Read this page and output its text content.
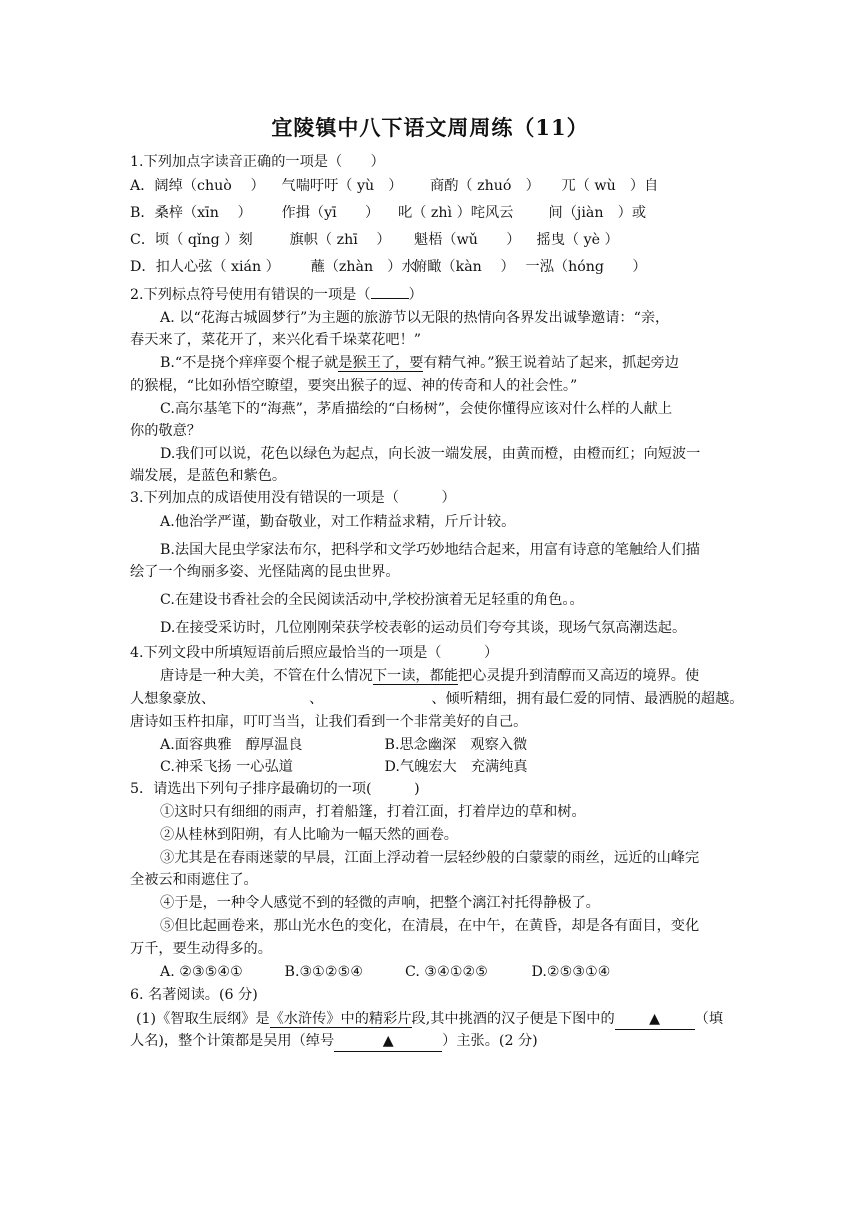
宜陵镇中八下语文周周练（11）
1.下列加点字读音正确的一项是（　　）
A．阔绰（chuò　 ） 气喘吁吁（ yù　） 商酌（ zhuó　） 兀（ wù　）自
B．桑梓（xīn　 ） 作揖（yī　　） 叱（ zhì ）咤风云 间（jiàn　）或
C．顷（ qǐng ）刻	旗帜（ zhī　 ） 魁梧（wǔ　　） 摇曳（ yè ）
D．扣人心弦（ xián ） 蘸（zhàn　）水 俯瞰（kàn　 ） 一泓（hóng　　）
2.下列标点符号使用有错误的一项是（	）
A. 以“花海古城圆梦行”为主题的旅游节以无限的热情向各界发出诚挚邀请：“亲，
春天来了，菜花开了，来兴化看千垛菜花吧！”
B.“不是挠个痒痒耍个棍子就是猴王了，要有精气神。”猴王说着站了起来，抓起旁边
的猴棍，“比如孙悟空瞭望，要突出猴子的逗、神的传奇和人的社会性。”
C.高尔基笔下的“海燕”，茅盾描绘的“白杨树”，会使你懂得应该对什么样的人献上
你的敬意？
D.我们可以说，花色以绿色为起点，向长波一端发展，由黄而橙，由橙而红；向短波一
端发展，是蓝色和紫色。
3.下列加点的成语使用没有错误的一项是（　　　）
A.他治学严谨，勤奋敬业，对工作精益求精，斤斤计较。
B.法国大昆虫学家法布尔，把科学和文学巧妙地结合起来，用富有诗意的笔触给人们描
绘了一个绚丽多姿、光怪陆离的昆虫世界。
C.在建设书香社会的全民阅读活动中,学校扮演着无足轻重的角色。。
D.在接受采访时，几位刚刚荣获学校表彰的运动员们夸夸其谈，现场气氛高潮迭起。
4.下列文段中所填短语前后照应最恰当的一项是（　　　）
唐诗是一种大美，不管在什么情况下一读，都能把心灵提升到清醇而又高迈的境界。使
人想象豪放、	、	、倾听精细，拥有最仁爱的同情、最洒脱的超越。
唐诗如玉杵扣扉，叮叮当当，让我们看到一个非常美好的自己。
A.面容典雅　醇厚温良	B.思念幽深　观察入微
C.神采飞扬 一心弘道	D.气魄宏大　充满纯真
5．请选出下列句子排序最确切的一项(　　　)
①这时只有细细的雨声，打着船篷，打着江面，打着岸边的草和树。
②从桂林到阳朔，有人比喻为一幅天然的画卷。
③尤其是在春雨迷蒙的早晨，江面上浮动着一层轻纱般的白蒙蒙的雨丝，远近的山峰完
全被云和雨遮住了。
④于是，一种令人感觉不到的轻微的声响，把整个漓江衬托得静极了。
⑤但比起画卷来，那山光水色的变化，在清晨，在中午，在黄昏，却是各有面目，变化
万千，要生动得多的。
A. ②③⑤④①	B.③①②⑤④	C. ③④①②⑤	D.②⑤③①④
6. 名著阅读。(6 分)
(1)《智取生辰纲》是《水浒传》中的精彩片段,其中挑酒的汉子便是下图中的 ▲ （填
人名)，整个计策都是吴用（绰号	▲	）主张。(2 分)
